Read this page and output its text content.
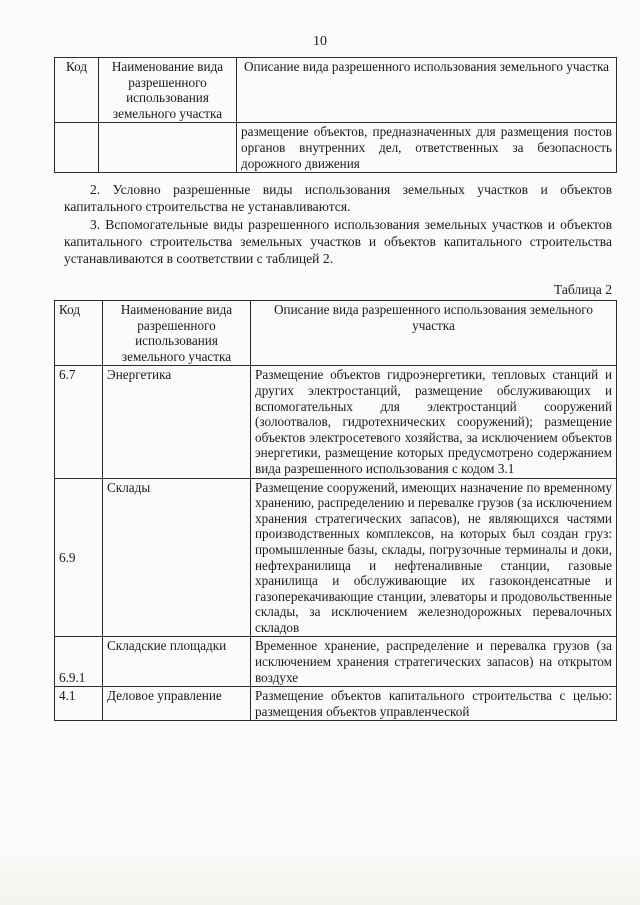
10
Код	Наименование вида разрешенного использования земельного участка	Описание вида разрешенного использования земельного участка
		размещение объектов, предназначенных для размещения постов органов внутренних дел, ответственных за безопасность дорожного движения
2. Условно разрешенные виды использования земельных участков и объектов капитального строительства не устанавливаются.
3. Вспомогательные виды разрешенного использования земельных участков и объектов капитального строительства земельных участков и объектов капитального строительства устанавливаются в соответствии с таблицей 2.
Таблица 2
Код	Наименование вида разрешенного использования земельного участка	Описание вида разрешенного использования земельного участка
6.7	Энергетика	Размещение объектов гидроэнергетики, тепловых станций и других электростанций, размещение обслуживающих и вспомогательных для электростанций сооружений (золоотвалов, гидротехнических сооружений); размещение объектов электросетевого хозяйства, за исключением объектов энергетики, размещение которых предусмотрено содержанием вида разрешенного использования с кодом 3.1
6.9	Склады	Размещение сооружений, имеющих назначение по временному хранению, распределению и перевалке грузов (за исключением хранения стратегических запасов), не являющихся частями производственных комплексов, на которых был создан груз: промышленные базы, склады, погрузочные терминалы и доки, нефтехранилища и нефтеналивные станции, газовые хранилища и обслуживающие их газоконденсатные и газоперекачивающие станции, элеваторы и продовольственные склады, за исключением железнодорожных перевалочных складов
6.9.1	Складские площадки	Временное хранение, распределение и перевалка грузов (за исключением хранения стратегических запасов) на открытом воздухе
4.1	Деловое управление	Размещение объектов капитального строительства с целью: размещения объектов управленческой
